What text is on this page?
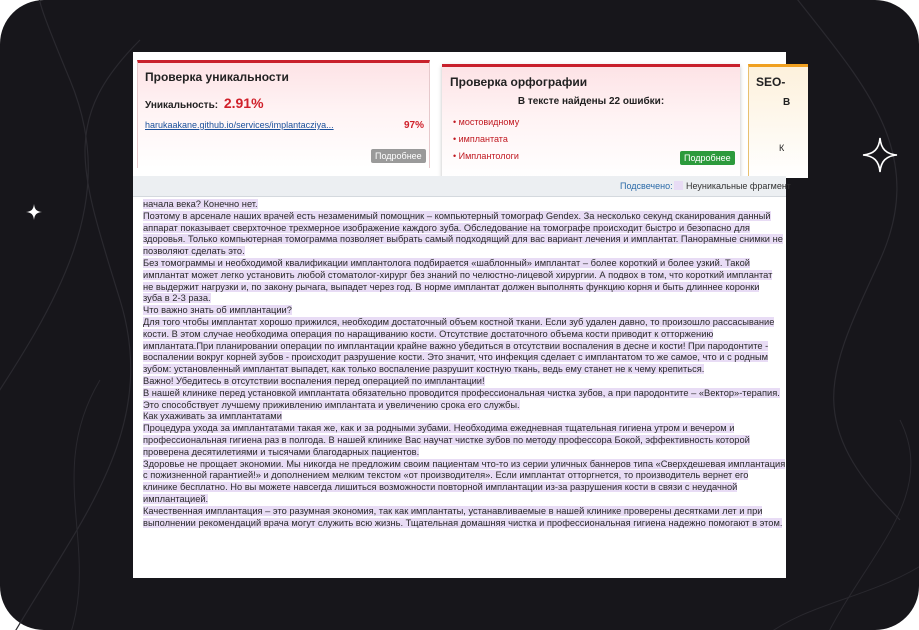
Проверка уникальности
Уникальность: 2.91%
harukaakane.github.io/services/implantacziya...	97%
Подробнее
Проверка орфографии
В тексте найдены 22 ошибки:
• мостовидному
• имплантата
• Имплантологи	Подробнее
SEO-
В
К
Подсвечено: Неуникальные фрагмент
начала века? Конечно нет.
Поэтому в арсенале наших врачей есть незаменимый помощник – компьютерный томограф Gendex. За несколько секунд сканирования данный
аппарат показывает сверхточное трехмерное изображение каждого зуба. Обследование на томографе происходит быстро и безопасно для
здоровья. Только компьютерная томограмма позволяет выбрать самый подходящий для вас вариант лечения и имплантат. Панорамные снимки не
позволяют сделать это.
Без томограммы и необходимой квалификации имплантолога подбирается «шаблонный» имплантат – более короткий и более узкий. Такой
имплантат может легко установить любой стоматолог-хирург без знаний по челюстно-лицевой хирургии. А подвох в том, что короткий имплантат
не выдержит нагрузки и, по закону рычага, выпадет через год. В норме имплантат должен выполнять функцию корня и быть длиннее коронки
зуба в 2-3 раза.
Что важно знать об имплантации?
Для того чтобы имплантат хорошо прижился, необходим достаточный объем костной ткани. Если зуб удален давно, то произошло рассасывание
кости. В этом случае необходима операция по наращиванию кости. Отсутствие достаточного объема кости приводит к отторжению
имплантата.При планировании операции по имплантации крайне важно убедиться в отсутствии воспаления в десне и кости! При пародонтите -
воспалении вокруг корней зубов - происходит разрушение кости. Это значит, что инфекция сделает с имплантатом то же самое, что и с родным
зубом: установленный имплантат выпадет, как только воспаление разрушит костную ткань, ведь ему станет не к чему крепиться.
Важно! Убедитесь в отсутствии воспаления перед операцией по имплантации!
В нашей клинике перед установкой имплантата обязательно проводится профессиональная чистка зубов, а при пародонтите – «Вектор»-терапия.
Это способствует лучшему приживлению имплантата и увеличению срока его службы.
Как ухаживать за имплантатами
Процедура ухода за имплантатами такая же, как и за родными зубами. Необходима ежедневная тщательная гигиена утром и вечером и
профессиональная гигиена раз в полгода. В нашей клинике Вас научат чистке зубов по методу профессора Бокой, эффективность которой
проверена десятилетиями и тысячами благодарных пациентов.
Здоровье не прощает экономии. Мы никогда не предложим своим пациентам что-то из серии уличных баннеров типа «Сверхдешевая имплантация
с пожизненной гарантией!» и дополнением мелким текстом «от производителя». Если имплантат отторгнется, то производитель вернет его
клинике бесплатно. Но вы можете навсегда лишиться возможности повторной имплантации из-за разрушения кости в связи с неудачной
имплантацией.
Качественная имплантация – это разумная экономия, так как имплантаты, устанавливаемые в нашей клинике проверены десятками лет и при
выполнении рекомендаций врача могут служить всю жизнь. Тщательная домашняя чистка и профессиональная гигиена надежно помогают в этом.
